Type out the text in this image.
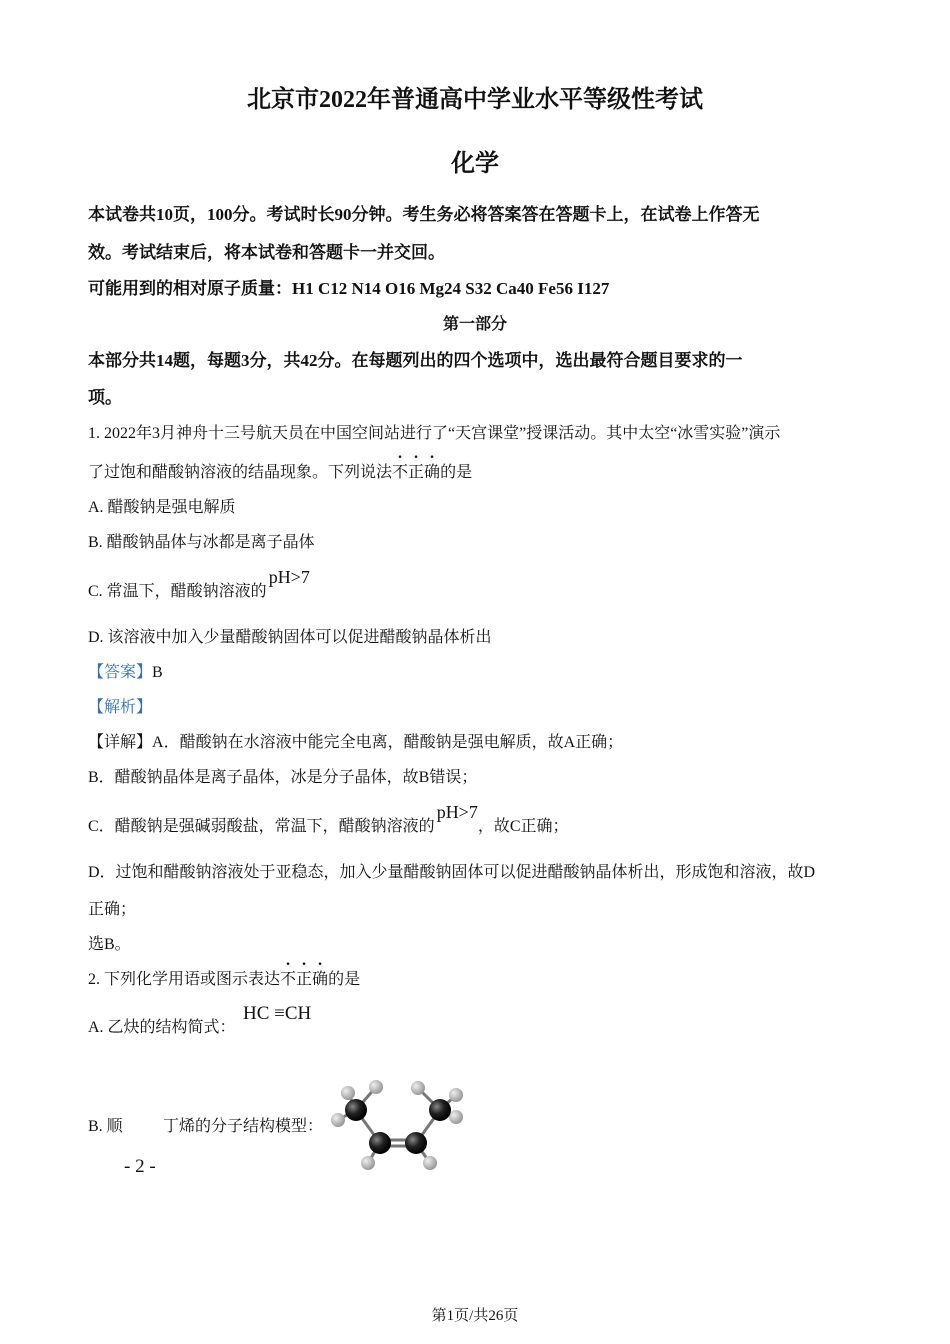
北京市2022年普通高中学业水平等级性考试
化学
本试卷共10页，100分。考试时长90分钟。考生务必将答案答在答题卡上，在试卷上作答无
效。考试结束后，将本试卷和答题卡一并交回。
可能用到的相对原子质量：H1 C12 N14 O16 Mg24 S32 Ca40 Fe56 I127
第一部分
本部分共14题，每题3分，共42分。在每题列出的四个选项中，选出最符合题目要求的一
项。
1. 2022年3月神舟十三号航天员在中国空间站进行了“天宫课堂”授课活动。其中太空“冰雪实验”演示
了过饱和醋酸钠溶液的结晶现象。下列说法不正确的是
A. 醋酸钠是强电解质
B. 醋酸钠晶体与冰都是离子晶体
C. 常温下，醋酸钠溶液的pH>7
D. 该溶液中加入少量醋酸钠固体可以促进醋酸钠晶体析出
【答案】B
【解析】
【详解】A．醋酸钠在水溶液中能完全电离，醋酸钠是强电解质，故A正确；
B．醋酸钠晶体是离子晶体，冰是分子晶体，故B错误；
C．醋酸钠是强碱弱酸盐，常温下，醋酸钠溶液的pH>7，故C正确；
D．过饱和醋酸钠溶液处于亚稳态，加入少量醋酸钠固体可以促进醋酸钠晶体析出，形成饱和溶液，故D
正确；
选B。
2. 下列化学用语或图示表达不正确的是
A. 乙炔的结构简式：
HC ≡CH
B. 顺	丁烯的分子结构模型：
- 2 -
第1页/共26页
